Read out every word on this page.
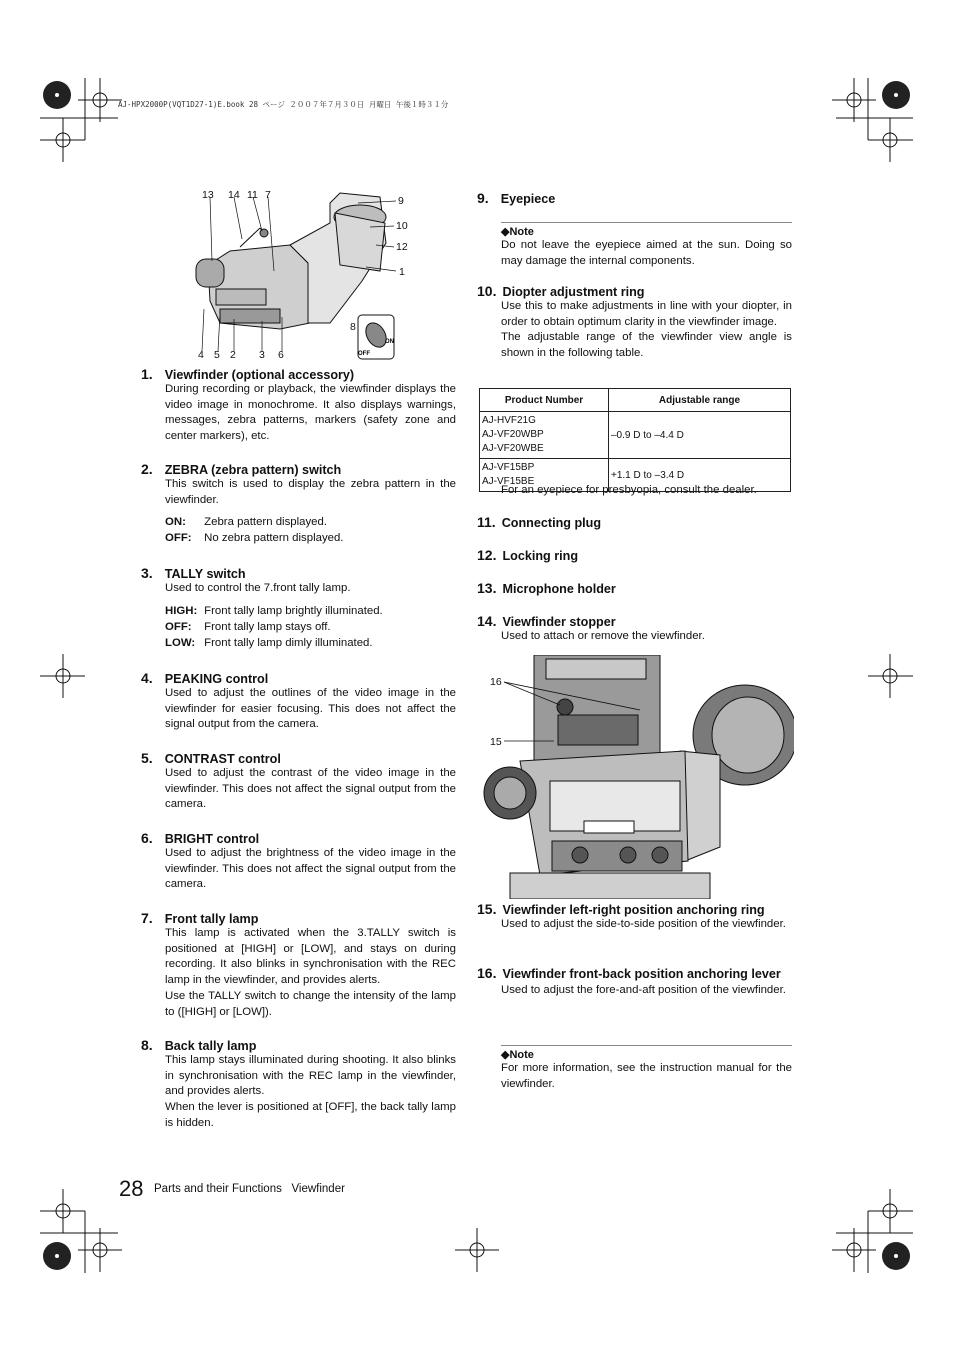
AJ-HPX2000P(VQT1D27-1)E.book 28 ページ ２００７年７月３０日 月曜日 午後１時３１分
13 14 11 7	9
10
12
1
8
4 5 2 3 6
ON
OFF
1. Viewfinder (optional accessory)

During recording or playback, the viewfinder displays the video image in monochrome. It also displays warnings, messages, zebra patterns, markers (safety zone and center markers), etc.

2. ZEBRA (zebra pattern) switch

This switch is used to display the zebra pattern in the viewfinder.

ON: Zebra pattern displayed.
OFF: No zebra pattern displayed.
3. TALLY switch

Used to control the 7.front tally lamp.

HIGH: Front tally lamp brightly illuminated.
OFF: Front tally lamp stays off.
LOW: Front tally lamp dimly illuminated.
4. PEAKING control

Used to adjust the outlines of the video image in the viewfinder for easier focusing. This does not affect the signal output from the camera.

5. CONTRAST control

Used to adjust the contrast of the video image in the viewfinder. This does not affect the signal output from the camera.

6. BRIGHT control

Used to adjust the brightness of the video image in the viewfinder. This does not affect the signal output from the camera.

7. Front tally lamp

This lamp is activated when the 3.TALLY switch is positioned at [HIGH] or [LOW], and stays on during recording. It also blinks in synchronisation with the REC lamp in the viewfinder, and provides alerts.

Use the TALLY switch to change the intensity of the lamp to ([HIGH] or [LOW]).

8. Back tally lamp

This lamp stays illuminated during shooting. It also blinks in synchronisation with the REC lamp in the viewfinder, and provides alerts.

When the lever is positioned at [OFF], the back tally lamp is hidden.

9. Eyepiece
◆Note

Do not leave the eyepiece aimed at the sun. Doing so may damage the internal components.

10. Diopter adjustment ring

Use this to make adjustments in line with your diopter, in order to obtain optimum clarity in the viewfinder image.

The adjustable range of the viewfinder view angle is shown in the following table.

Product Number	Adjustable range

AJ-HVF21G
AJ-VF20WBP
AJ-VF20WBE	–0.9 D to –4.4 D

AJ-VF15BP
AJ-VF15BE	+1.1 D to –3.4 D
For an eyepiece for presbyopia, consult the dealer.
11. Connecting plug
12. Locking ring
13. Microphone holder
14. Viewfinder stopper

Used to attach or remove the viewfinder.

16
15
15. Viewfinder left-right position anchoring ring

Used to adjust the side-to-side position of the viewfinder.

16. Viewfinder front-back position anchoring lever

Used to adjust the fore-and-aft position of the viewfinder.

◆Note

For more information, see the instruction manual for the viewfinder.

28 Parts and their Functions Viewfinder
